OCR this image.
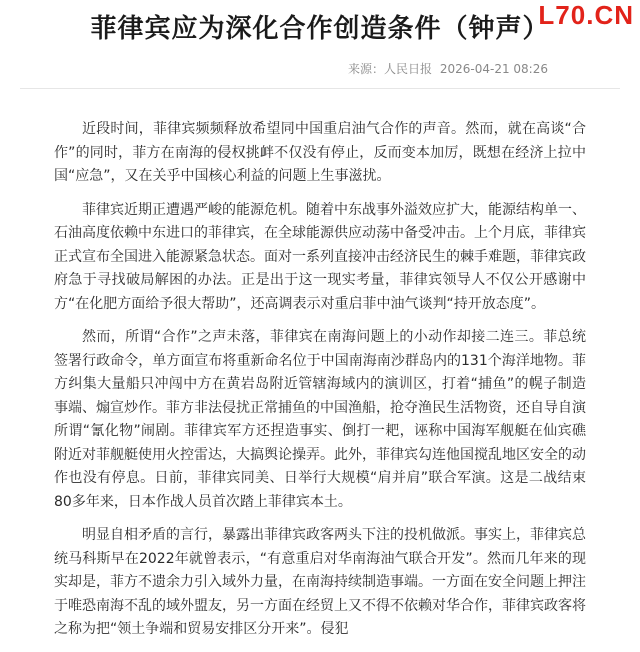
菲律宾应为深化合作创造条件（钟声）
L70.CN
来源：人民日报 2026-04-21 08:26

近段时间，菲律宾频频释放希望同中国重启油气合作的声音。然而，就在高谈“合作”的同时，菲方在南海的侵权挑衅不仅没有停止，反而变本加厉，既想在经济上拉中国“应急”，又在关乎中国核心利益的问题上生事滋扰。

菲律宾近期正遭遇严峻的能源危机。随着中东战事外溢效应扩大，能源结构单一、石油高度依赖中东进口的菲律宾，在全球能源供应动荡中备受冲击。上个月底，菲律宾正式宣布全国进入能源紧急状态。面对一系列直接冲击经济民生的棘手难题，菲律宾政府急于寻找破局解困的办法。正是出于这一现实考量，菲律宾领导人不仅公开感谢中方“在化肥方面给予很大帮助”，还高调表示对重启菲中油气谈判“持开放态度”。

然而，所谓“合作”之声未落，菲律宾在南海问题上的小动作却接二连三。菲总统签署行政命令，单方面宣布将重新命名位于中国南海南沙群岛内的131个海洋地物。菲方纠集大量船只冲闯中方在黄岩岛附近管辖海域内的演训区，打着“捕鱼”的幌子制造事端、煽宣炒作。菲方非法侵扰正常捕鱼的中国渔船，抢夺渔民生活物资，还自导自演所谓“氰化物”闹剧。菲律宾军方还捏造事实、倒打一耙，诬称中国海军舰艇在仙宾礁附近对菲舰艇使用火控雷达，大搞舆论操弄。此外，菲律宾勾连他国搅乱地区安全的动作也没有停息。日前，菲律宾同美、日举行大规模“肩并肩”联合军演。这是二战结束80多年来，日本作战人员首次踏上菲律宾本土。

明显自相矛盾的言行，暴露出菲律宾政客两头下注的投机做派。事实上，菲律宾总统马科斯早在2022年就曾表示，“有意重启对华南海油气联合开发”。然而几年来的现实却是，菲方不遗余力引入域外力量，在南海持续制造事端。一方面在安全问题上押注于唯恐南海不乱的域外盟友，另一方面在经贸上又不得不依赖对华合作，菲律宾政客将之称为把“领土争端和贸易安排区分开来”。侵犯
